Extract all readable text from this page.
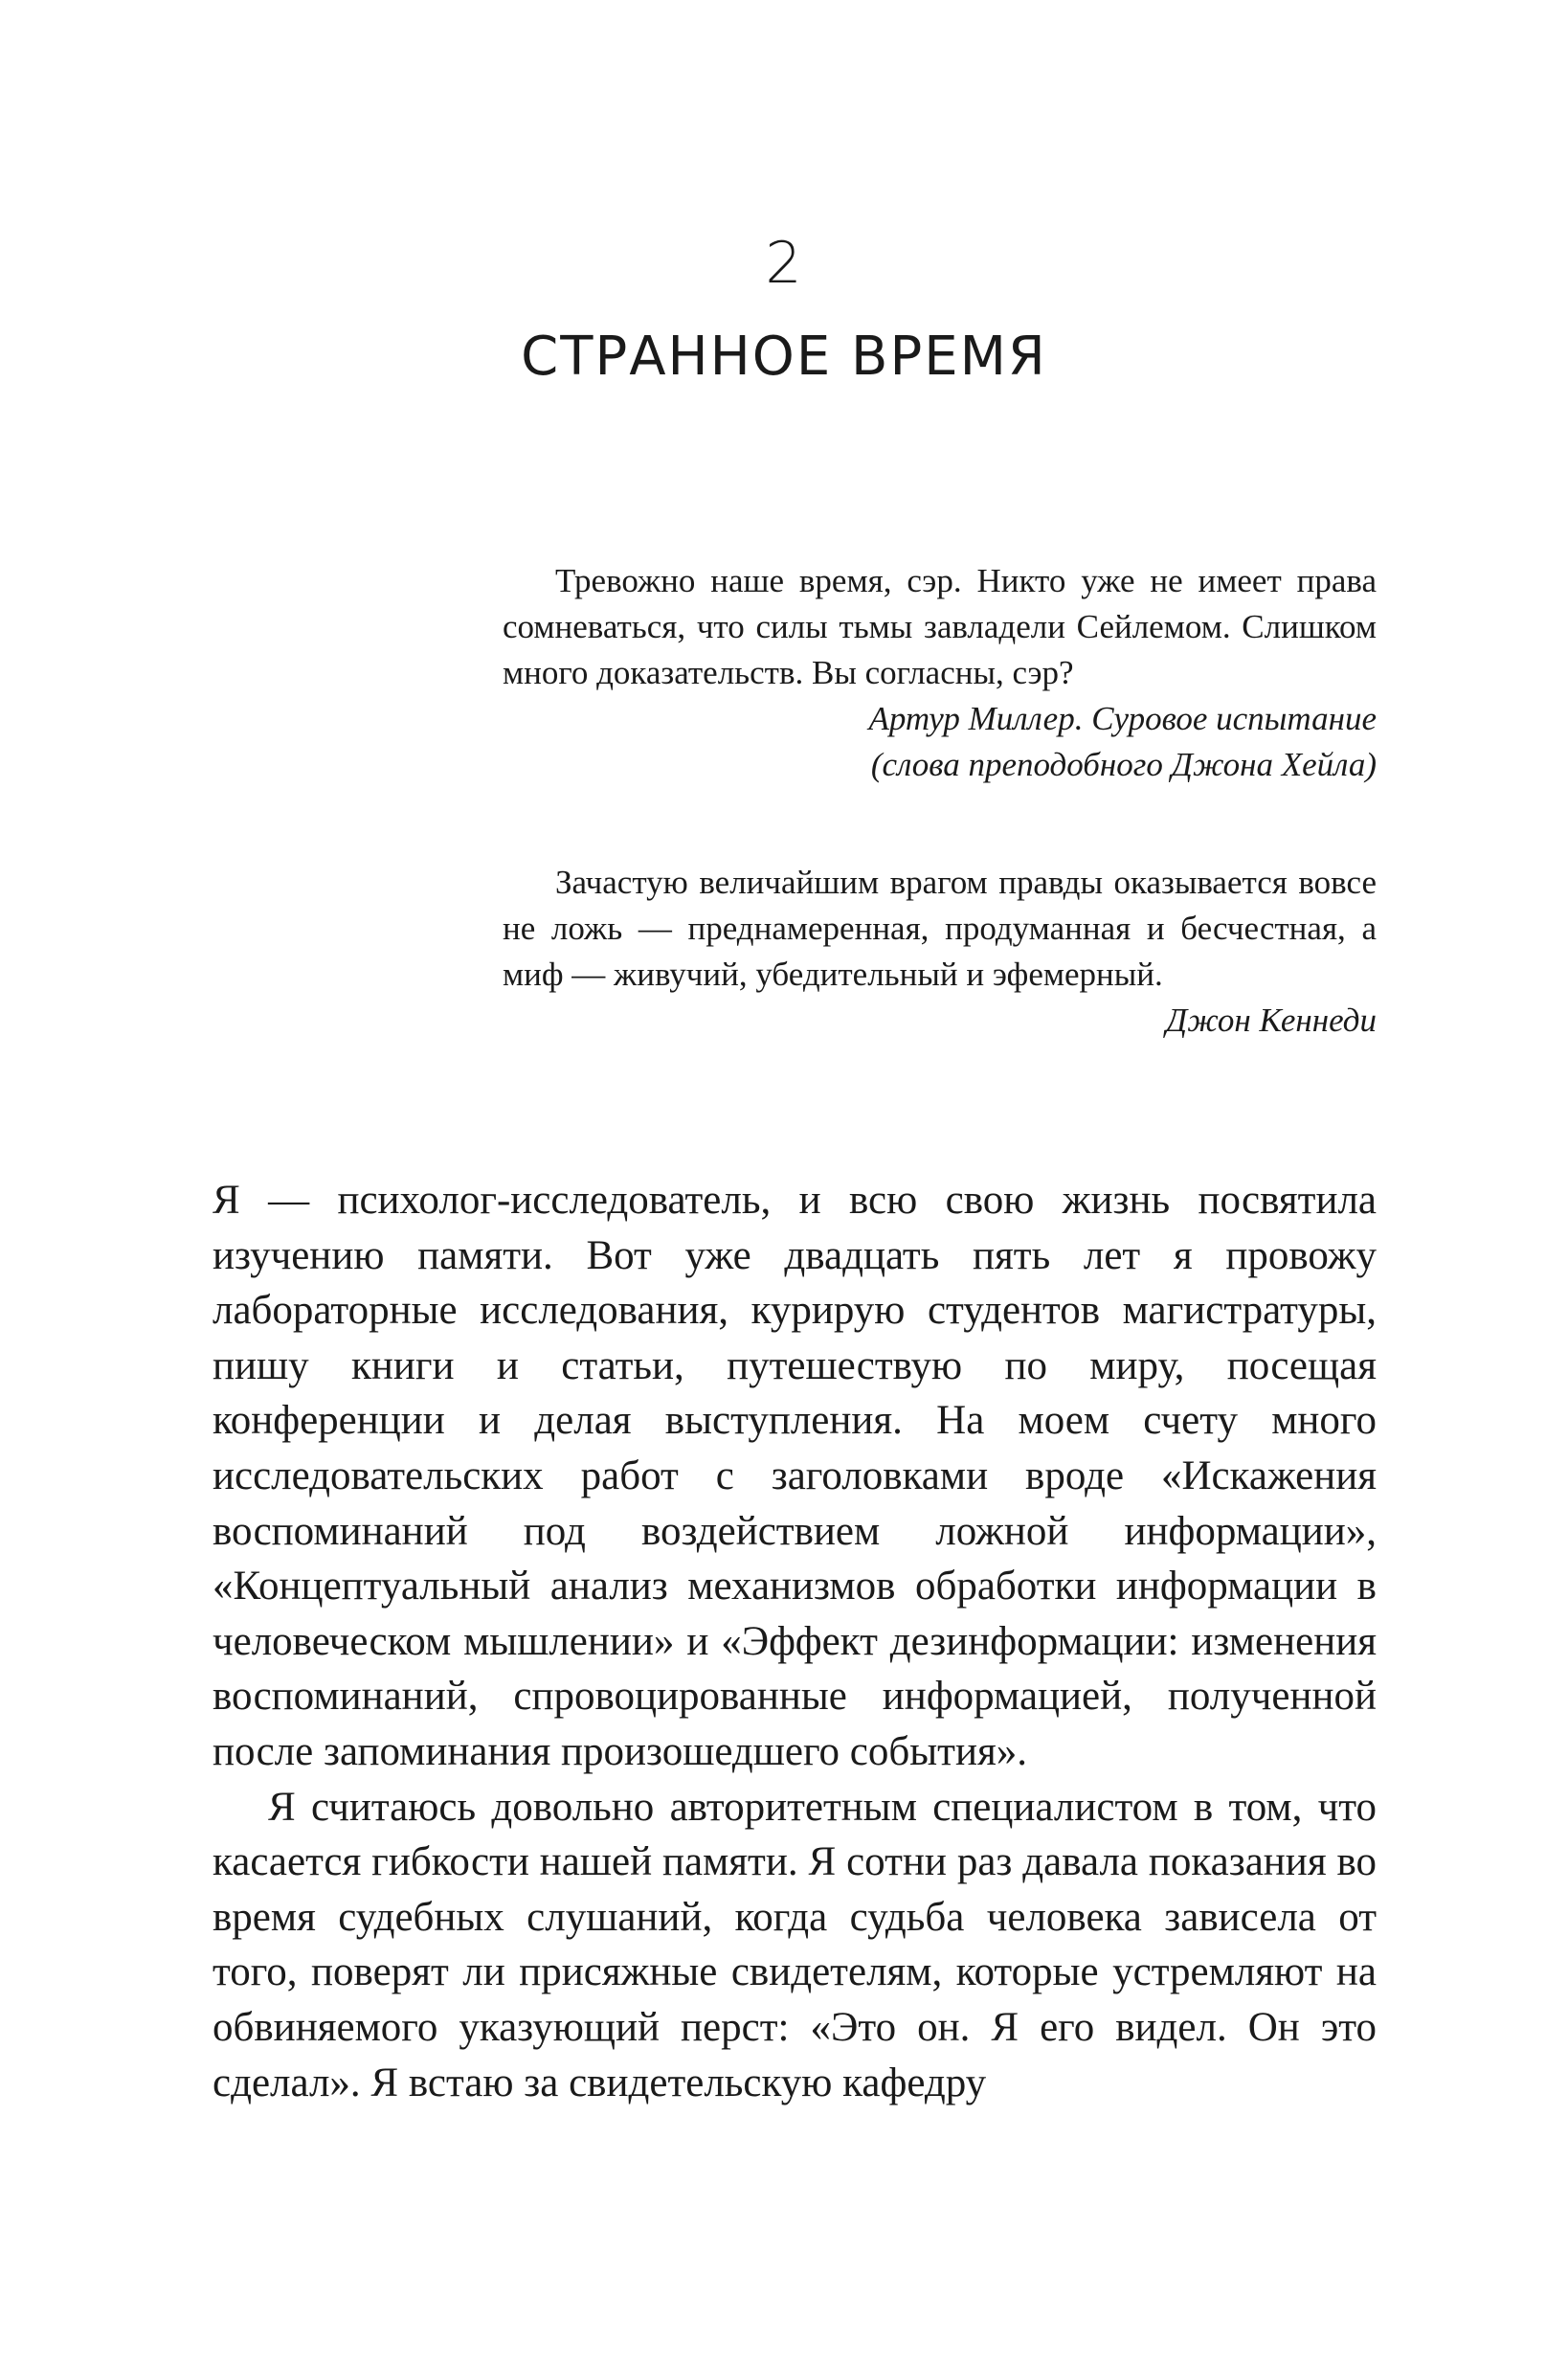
2
СТРАННОЕ ВРЕМЯ

Тревожно наше время, сэр. Никто уже не имеет права сомневаться, что силы тьмы завладели Сейлемом. Слишком много доказательств. Вы согласны, сэр?

Артур Миллер. Суровое испытание

(слова преподобного Джона Хейла)

Зачастую величайшим врагом правды оказывается вовсе не ложь — преднамеренная, продуманная и бесчестная, а миф — живучий, убедительный и эфемерный.

Джон Кеннеди

Я — психолог-исследователь, и всю свою жизнь посвятила изучению памяти. Вот уже двадцать пять лет я провожу лабораторные исследования, курирую студентов магистратуры, пишу книги и статьи, путешествую по миру, посещая конференции и делая выступления. На моем счету много исследовательских работ с заголовками вроде «Искажения воспоминаний под воздействием ложной информации», «Концептуальный анализ механизмов обработки информации в человеческом мышлении» и «Эффект дезинформации: изменения воспоминаний, спровоцированные информацией, полученной после запоминания произошедшего события».

Я считаюсь довольно авторитетным специалистом в том, что касается гибкости нашей памяти. Я сотни раз давала показания во время судебных слушаний, когда судьба человека зависела от того, поверят ли присяжные свидетелям, которые устремляют на обвиняемого указующий перст: «Это он. Я его видел. Он это сделал». Я встаю за свидетельскую кафедру
